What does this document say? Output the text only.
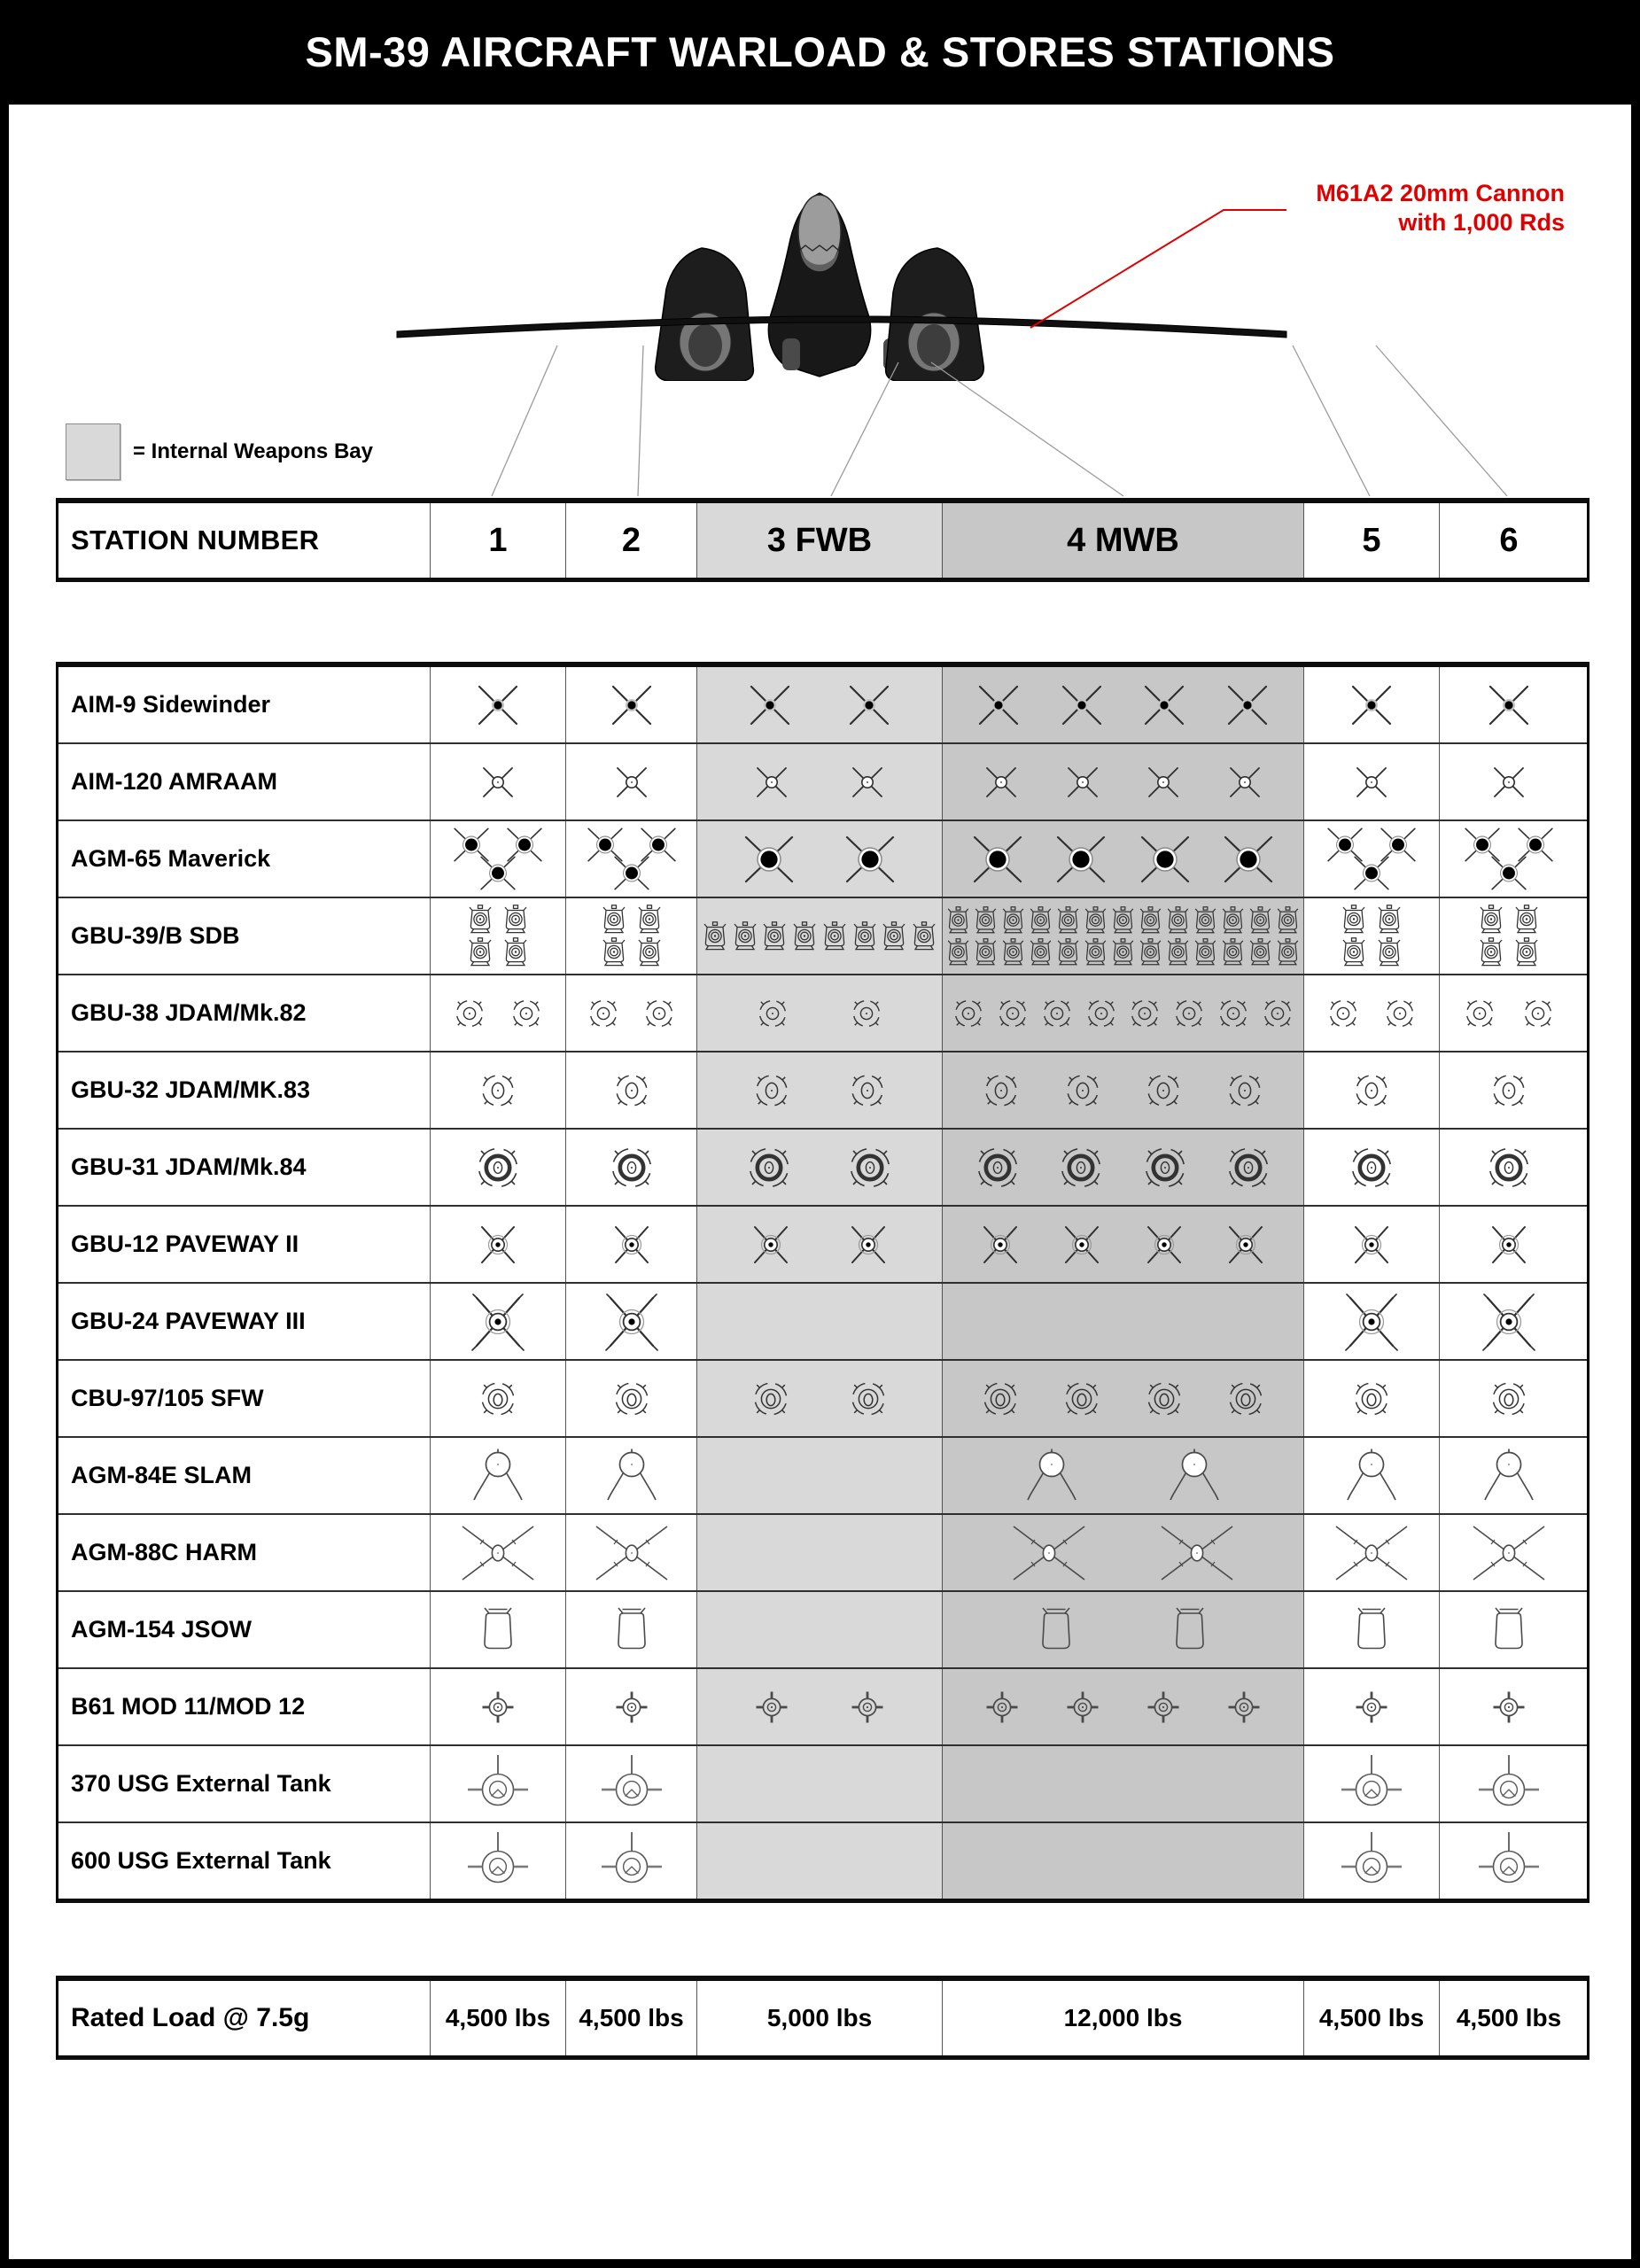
SM-39 AIRCRAFT WARLOAD & STORES STATIONS
M61A2 20mm Cannon
with 1,000 Rds
= Internal Weapons Bay
STATION NUMBER	1	2	3 FWB	4 MWB	5	6
AIM-9 Sidewinder
AIM-120 AMRAAM
AGM-65 Maverick
GBU-39/B SDB
GBU-38 JDAM/Mk.82
GBU-32 JDAM/MK.83
GBU-31 JDAM/Mk.84
GBU-12 PAVEWAY II
GBU-24 PAVEWAY III
CBU-97/105 SFW
AGM-84E SLAM
AGM-88C HARM
AGM-154 JSOW
B61 MOD 11/MOD 12
370 USG External Tank
600 USG External Tank
Rated Load @ 7.5g	4,500 lbs	4,500 lbs	5,000 lbs	12,000 lbs	4,500 lbs	4,500 lbs
